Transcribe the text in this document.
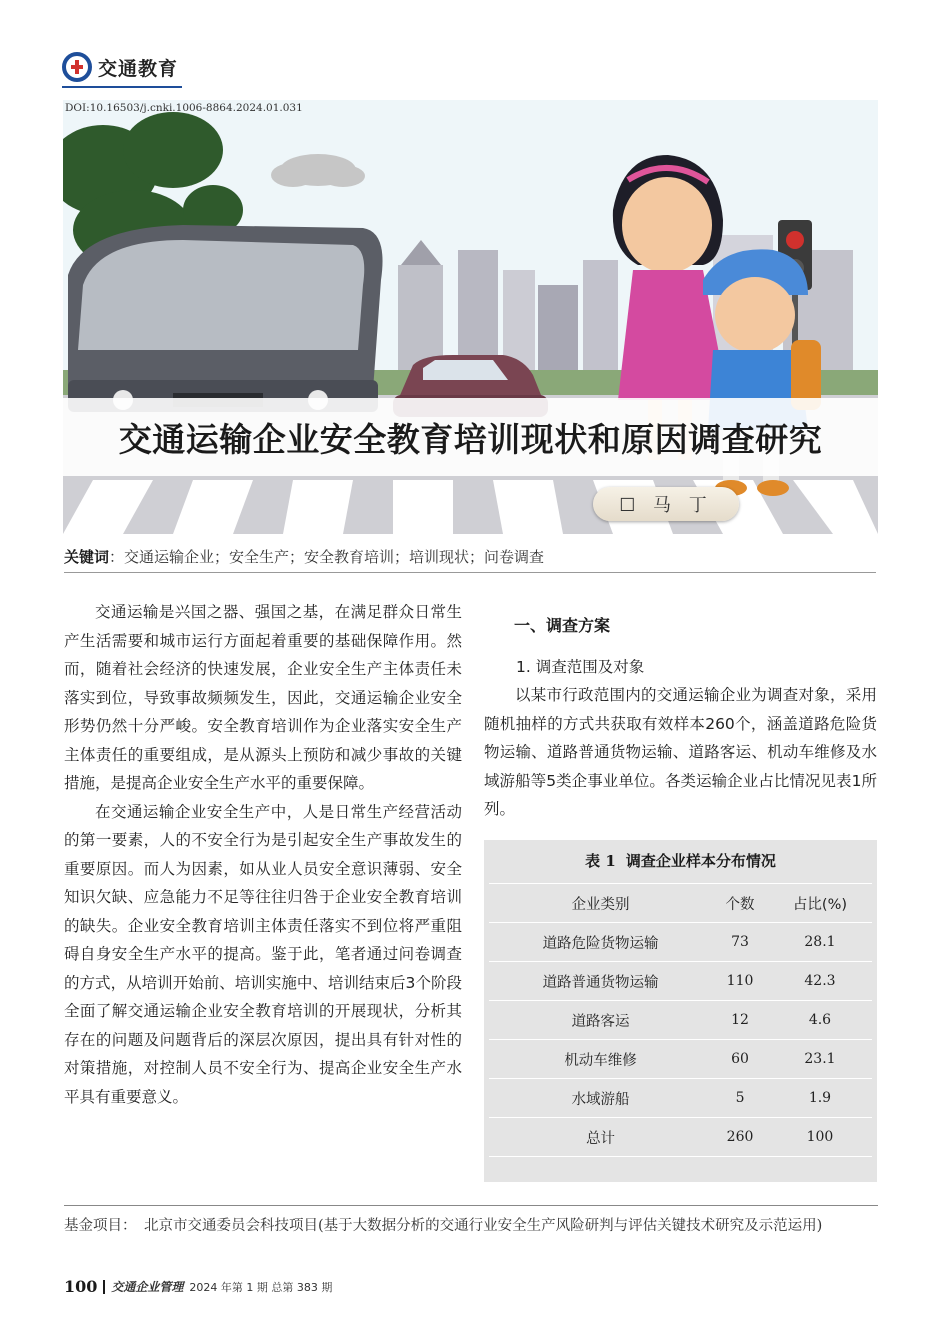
交通教育
DOI:10.16503/j.cnki.1006-8864.2024.01.031
交通运输企业安全教育培训现状和原因调查研究
☐ 马 丁
关键词：交通运输企业；安全生产；安全教育培训；培训现状；问卷调查

交通运输是兴国之器、强国之基，在满足群众日常生产生活需要和城市运行方面起着重要的基础保障作用。然而，随着社会经济的快速发展，企业安全生产主体责任未落实到位，导致事故频频发生，因此，交通运输企业安全形势仍然十分严峻。安全教育培训作为企业落实安全生产主体责任的重要组成，是从源头上预防和减少事故的关键措施，是提高企业安全生产水平的重要保障。

在交通运输企业安全生产中，人是日常生产经营活动的第一要素，人的不安全行为是引起安全生产事故发生的重要原因。而人为因素，如从业人员安全意识薄弱、安全知识欠缺、应急能力不足等往往归咎于企业安全教育培训的缺失。企业安全教育培训主体责任落实不到位将严重阻碍自身安全生产水平的提高。鉴于此，笔者通过问卷调查的方式，从培训开始前、培训实施中、培训结束后3个阶段全面了解交通运输企业安全教育培训的开展现状，分析其存在的问题及问题背后的深层次原因，提出具有针对性的对策措施，对控制人员不安全行为、提高企业安全生产水平具有重要意义。

一、调查方案
1. 调查范围及对象

以某市行政范围内的交通运输企业为调查对象，采用随机抽样的方式共获取有效样本260个，涵盖道路危险货物运输、道路普通货物运输、道路客运、机动车维修及水域游船等5类企事业单位。各类运输企业占比情况见表1所列。

表 1 调查企业样本分布情况
企业类别	个数	占比(%)
道路危险货物运输	73	28.1
道路普通货物运输	110	42.3
道路客运	12	4.6
机动车维修	60	23.1
水域游船	5	1.9
总计	260	100
基金项目： 北京市交通委员会科技项目(基于大数据分析的交通行业安全生产风险研判与评估关键技术研究及示范运用)
100 交通企业管理 2024 年第 1 期 总第 383 期
